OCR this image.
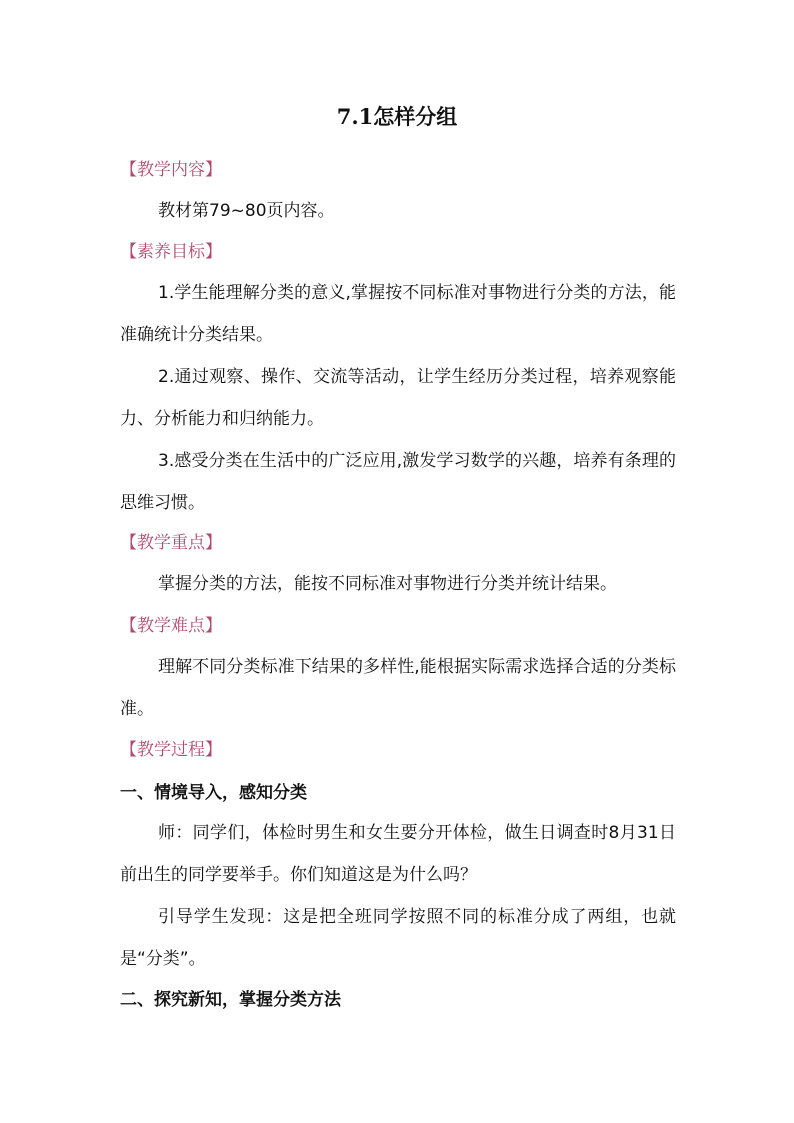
7.1怎样分组
【教学内容】
教材第79~80页内容。
【素养目标】
1.学生能理解分类的意义,掌握按不同标准对事物进行分类的方法，能准确统计分类结果。
2.通过观察、操作、交流等活动，让学生经历分类过程，培养观察能力、分析能力和归纳能力。
3.感受分类在生活中的广泛应用,激发学习数学的兴趣，培养有条理的思维习惯。
【教学重点】
掌握分类的方法，能按不同标准对事物进行分类并统计结果。
【教学难点】
理解不同分类标准下结果的多样性,能根据实际需求选择合适的分类标准。
【教学过程】
一、情境导入，感知分类
师：同学们，体检时男生和女生要分开体检，做生日调查时8月31日前出生的同学要举手。你们知道这是为什么吗？
引导学生发现：这是把全班同学按照不同的标准分成了两组，也就是“分类”。
二、探究新知，掌握分类方法
